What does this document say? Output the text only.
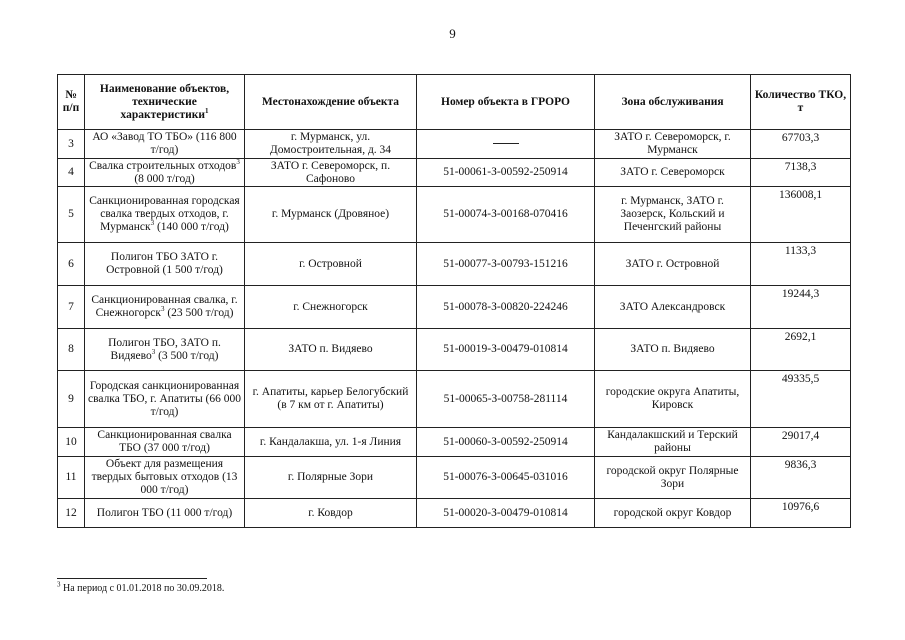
9
№ п/п	Наименование объектов, технические характеристики$^1$	Местонахождение объекта	Номер объекта в ГРОРО	Зона обслуживания	Количество ТКО, т
3	АО «Завод ТО ТБО» (116 800 т/год)	г. Мурманск, ул. Домостроительная, д. 34		ЗАТО г. Североморск, г. Мурманск	67703,3
4	Свалка строительных отходов$^3$ (8 000 т/год)	ЗАТО г. Североморск, п. Сафоново	51-00061-З-00592-250914	ЗАТО г. Североморск	7138,3
5	Санкционированная городская свалка твердых отходов, г. Мурманск$^3$ (140 000 т/год)	г. Мурманск (Дровяное)	51-00074-З-00168-070416	г. Мурманск, ЗАТО г. Заозерск, Кольский и Печенгский районы	136008,1
6	Полигон ТБО ЗАТО г. Островной (1 500 т/год)	г. Островной	51-00077-З-00793-151216	ЗАТО г. Островной	1133,3
7	Санкционированная свалка, г. Снежногорск$^3$ (23 500 т/год)	г. Снежногорск	51-00078-З-00820-224246	ЗАТО Александровск	19244,3
8	Полигон ТБО, ЗАТО п. Видяево$^3$ (3 500 т/год)	ЗАТО п. Видяево	51-00019-З-00479-010814	ЗАТО п. Видяево	2692,1
9	Городская санкционированная свалка ТБО, г. Апатиты (66 000 т/год)	г. Апатиты, карьер Белогубский (в 7 км от г. Апатиты)	51-00065-З-00758-281114	городские округа Апатиты, Кировск	49335,5
10	Санкционированная свалка ТБО (37 000 т/год)	г. Кандалакша, ул. 1-я Линия	51-00060-З-00592-250914	Кандалакшский и Терский районы	29017,4
11	Объект для размещения твердых бытовых отходов (13 000 т/год)	г. Полярные Зори	51-00076-З-00645-031016	городской округ Полярные Зори	9836,3
12	Полигон ТБО (11 000 т/год)	г. Ковдор	51-00020-З-00479-010814	городской округ Ковдор	10976,6
$^3$ На период с 01.01.2018 по 30.09.2018.
